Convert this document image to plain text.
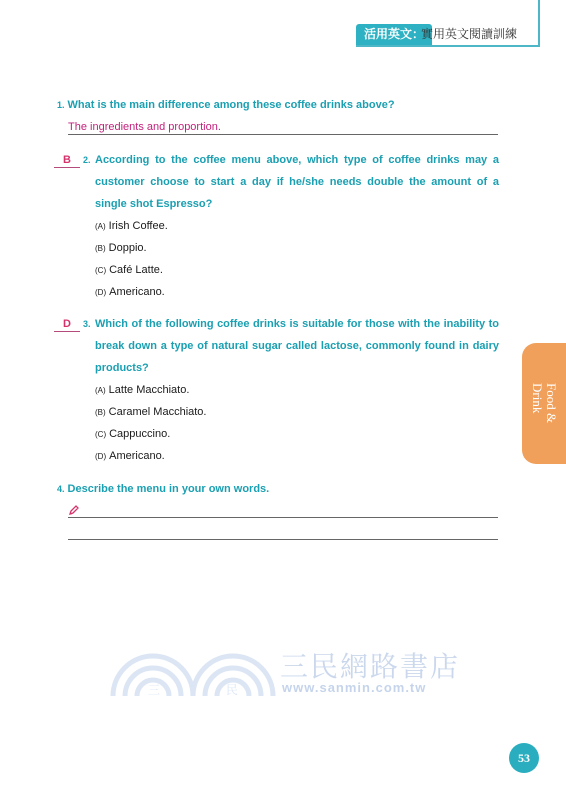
活用英文：
實用英文閱讀訓練
1. What is the main difference among these coffee drinks above?
The ingredients and proportion.
B	2. According to the coffee menu above, which type of coffee drinks may a customer choose to start a day if he/she needs double the amount of a single shot Espresso?
(A) Irish Coffee.
(B) Doppio.
(C) Café Latte.
(D) Americano.
D	3. Which of the following coffee drinks is suitable for those with the inability to break down a type of natural sugar called lactose, commonly found in dairy products?
(A) Latte Macchiato.
(B) Caramel Macchiato.
(C) Cappuccino.
(D) Americano.
4. Describe the menu in your own words.
Food &
Drink
三	民
三民網路書店
www.sanmin.com.tw
53
